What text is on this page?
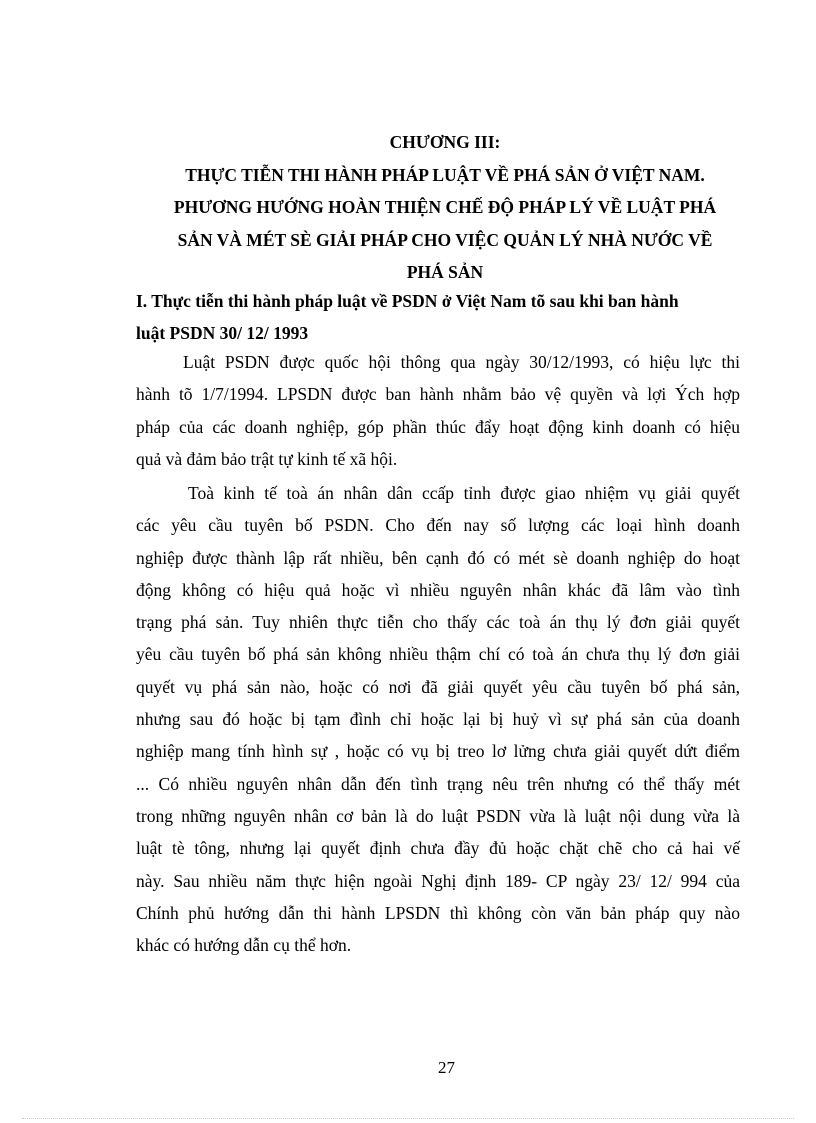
CHƯƠNG III:
THỰC TIỄN THI HÀNH PHÁP LUẬT VỀ PHÁ SẢN Ở VIỆT NAM.
PHƯƠNG HƯỚNG HOÀN THIỆN CHẾ ĐỘ PHÁP LÝ VỀ LUẬT PHÁ
SẢN VÀ MÉT SÈ GIẢI PHÁP CHO VIỆC QUẢN LÝ NHÀ NƯỚC VỀ
PHÁ SẢN
I. Thực tiễn thi hành pháp luật về PSDN ở Việt Nam tõ sau khi ban hành
luật PSDN 30/ 12/ 1993
Luật PSDN được quốc hội thông qua ngày 30/12/1993, có hiệu lực thi
hành tõ 1/7/1994. LPSDN được ban hành nhằm bảo vệ quyền và lợi Ých hợp
pháp của các doanh nghiệp, góp phần thúc đẩy hoạt động kinh doanh có hiệu
quả và đảm bảo trật tự kinh tế xã hội.
Toà kinh tế toà án nhân dân ccấp tỉnh được giao nhiệm vụ giải quyết
các yêu cầu tuyên bố PSDN. Cho đến nay số lượng các loại hình doanh
nghiệp được thành lập rất nhiều, bên cạnh đó có mét sè doanh nghiệp do hoạt
động không có hiệu quả hoặc vì nhiều nguyên nhân khác đã lâm vào tình
trạng phá sản. Tuy nhiên thực tiễn cho thấy các toà án thụ lý đơn giải quyết
yêu cầu tuyên bố phá sản không nhiều thậm chí có toà án chưa thụ lý đơn giải
quyết vụ phá sản nào, hoặc có nơi đã giải quyết yêu cầu tuyên bố phá sản,
nhưng sau đó hoặc bị tạm đình chỉ hoặc lại bị huỷ vì sự phá sản của doanh
nghiệp mang tính hình sự , hoặc có vụ bị treo lơ lửng chưa giải quyết dứt điểm
... Có nhiều nguyên nhân dẫn đến tình trạng nêu trên nhưng có thể thấy mét
trong những nguyên nhân cơ bản là do luật PSDN vừa là luật nội dung vừa là
luật tè tông, nhưng lại quyết định chưa đầy đủ hoặc chặt chẽ cho cả hai vế
này. Sau nhiều năm thực hiện ngoài Nghị định 189- CP ngày 23/ 12/ 994 của
Chính phủ hướng dẫn thi hành LPSDN thì không còn văn bản pháp quy nào
khác có hướng dẫn cụ thể hơn.
27
